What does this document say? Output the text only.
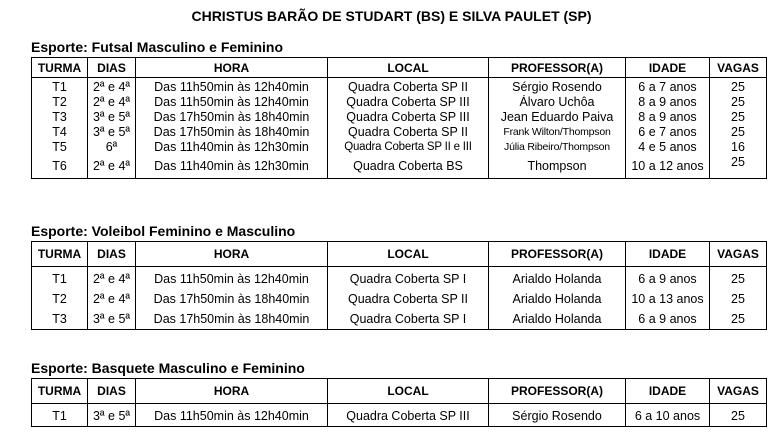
CHRISTUS BARÃO DE STUDART (BS) E SILVA PAULET (SP)
Esporte: Futsal Masculino e Feminino
TURMA	DIAS	HORA	LOCAL	PROFESSOR(A)	IDADE	VAGAS
T1	2ª e 4ª	Das 11h50min às 12h40min	Quadra Coberta SP II	Sérgio Rosendo	6 a 7 anos	25
T2	2ª e 4ª	Das 11h50min às 12h40min	Quadra Coberta SP III	Álvaro Uchôa	8 a 9 anos	25
T3	3ª e 5ª	Das 17h50min às 18h40min	Quadra Coberta SP III	Jean Eduardo Paiva	8 a 9 anos	25
T4	3ª e 5ª	Das 17h50min às 18h40min	Quadra Coberta SP II	Frank Wilton/Thompson	6 e 7 anos	25
T5	6ª	Das 11h40min às 12h30min	Quadra Coberta SP II e III	Júlia Ribeiro/Thompson	4 e 5 anos	16
T6	2ª e 4ª	Das 11h40min às 12h30min	Quadra Coberta BS	Thompson	10 a 12 anos	25
Esporte: Voleibol Feminino e Masculino
TURMA	DIAS	HORA	LOCAL	PROFESSOR(A)	IDADE	VAGAS
T1	2ª e 4ª	Das 11h50min às 12h40min	Quadra Coberta SP I	Arialdo Holanda	6 a 9 anos	25
T2	2ª e 4ª	Das 17h50min às 18h40min	Quadra Coberta SP II	Arialdo Holanda	10 a 13 anos	25
T3	3ª e 5ª	Das 17h50min às 18h40min	Quadra Coberta SP I	Arialdo Holanda	6 a 9 anos	25
Esporte: Basquete Masculino e Feminino
TURMA	DIAS	HORA	LOCAL	PROFESSOR(A)	IDADE	VAGAS
T1	3ª e 5ª	Das 11h50min às 12h40min	Quadra Coberta SP III	Sérgio Rosendo	6 a 10 anos	25
